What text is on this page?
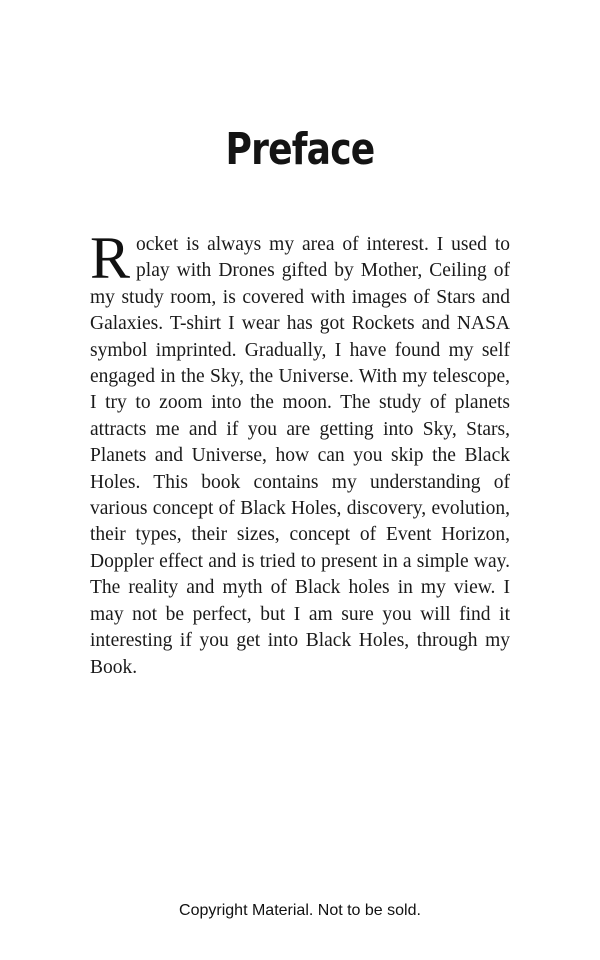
Preface

Rocket is always my area of interest. I used to play with Drones gifted by Mother, Ceiling of my study room, is covered with images of Stars and Galaxies. T-shirt I wear has got Rockets and NASA symbol imprinted. Gradually, I have found my self engaged in the Sky, the Universe. With my telescope, I try to zoom into the moon. The study of planets attracts me and if you are getting into Sky, Stars, Planets and Universe, how can you skip the Black Holes. This book contains my understanding of various concept of Black Holes, discovery, evolution, their types, their sizes, concept of Event Horizon, Doppler effect and is tried to present in a simple way. The reality and myth of Black holes in my view. I may not be perfect, but I am sure you will find it interesting if you get into Black Holes, through my Book.

Copyright Material. Not to be sold.
